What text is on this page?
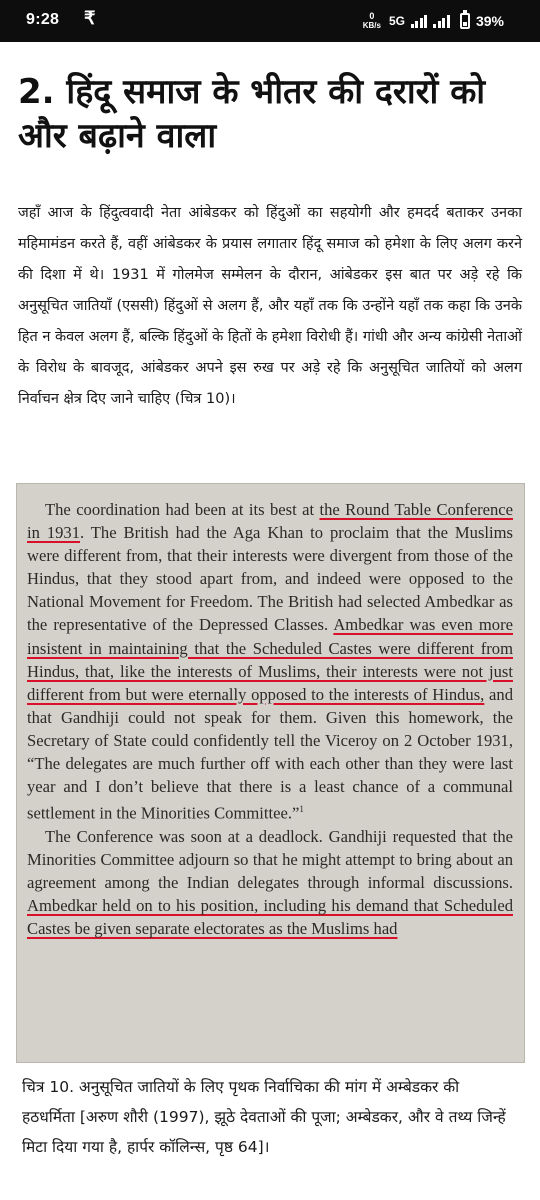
9:28 ₹	0
KB/s 5G	39%
2. हिंदू समाज के भीतर की दरारों को और बढ़ाने वाला

जहाँ आज के हिंदुत्ववादी नेता आंबेडकर को हिंदुओं का सहयोगी और हमदर्द बताकर उनका महिमामंडन करते हैं, वहीं आंबेडकर के प्रयास लगातार हिंदू समाज को हमेशा के लिए अलग करने की दिशा में थे। 1931 में गोलमेज सम्मेलन के दौरान, आंबेडकर इस बात पर अड़े रहे कि अनुसूचित जातियाँ (एससी) हिंदुओं से अलग हैं, और यहाँ तक कि उन्होंने यहाँ तक कहा कि उनके हित न केवल अलग हैं, बल्कि हिंदुओं के हितों के हमेशा विरोधी हैं। गांधी और अन्य कांग्रेसी नेताओं के विरोध के बावजूद, आंबेडकर अपने इस रुख पर अड़े रहे कि अनुसूचित जातियों को अलग निर्वाचन क्षेत्र दिए जाने चाहिए (चित्र 10)।

The coordination had been at its best at the Round Table Conference in 1931. The British had the Aga Khan to proclaim that the Muslims were different from, that their interests were divergent from those of the Hindus, that they stood apart from, and indeed were opposed to the National Movement for Freedom. The British had selected Ambedkar as the representative of the Depressed Classes. Ambedkar was even more insistent in maintaining that the Scheduled Castes were different from Hindus, that, like the interests of Muslims, their interests were not just different from but were eternally opposed to the interests of Hindus, and that Gandhiji could not speak for them. Given this homework, the Secretary of State could confidently tell the Viceroy on 2 October 1931, “The delegates are much further off with each other than they were last year and I don’t believe that there is a least chance of a communal settlement in the Minorities Committee.”$^1$

The Conference was soon at a deadlock. Gandhiji requested that the Minorities Committee adjourn so that he might attempt to bring about an agreement among the Indian delegates through informal discussions. Ambedkar held on to his position, including his demand that Scheduled Castes be given separate electorates as the Muslims had

चित्र 10. अनुसूचित जातियों के लिए पृथक निर्वाचिका की मांग में अम्बेडकर की हठधर्मिता [अरुण शौरी (1997), झूठे देवताओं की पूजा; अम्बेडकर, और वे तथ्य जिन्हें मिटा दिया गया है, हार्पर कॉलिन्स, पृष्ठ 64]।
